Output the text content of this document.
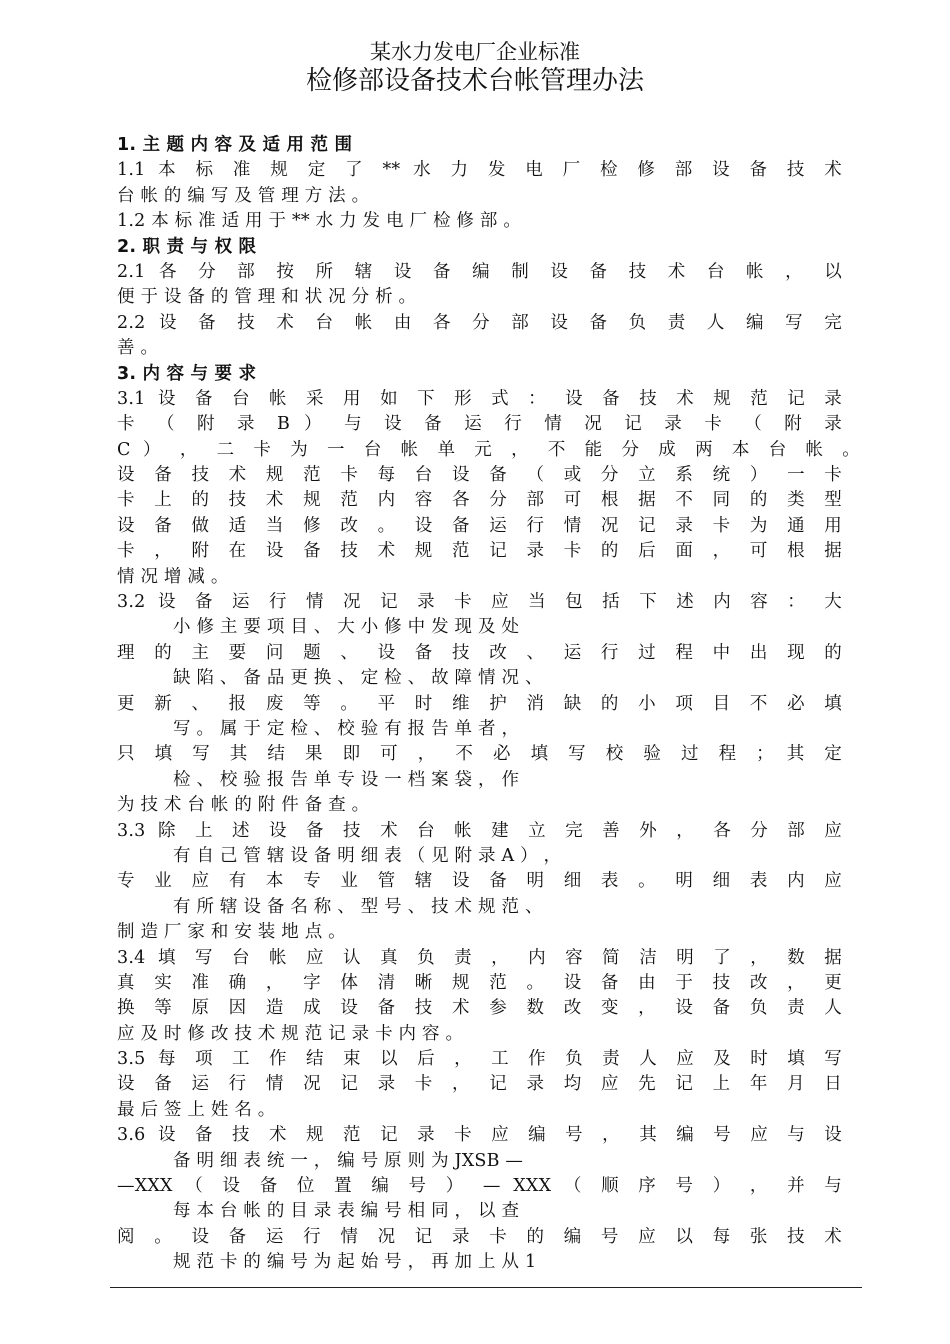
某水力发电厂企业标准
检修部设备技术台帐管理办法
1. 主 题 内 容 及 适 用 范 围
1.1 本 标 准 规 定 了 ** 水 力 发 电 厂 检 修 部 设 备 技 术
台 帐 的 编 写 及 管 理 方 法 。
1.2 本 标 准 适 用 于 ** 水 力 发 电 厂 检 修 部 。
2. 职 责 与 权 限
2.1 各 分 部 按 所 辖 设 备 编 制 设 备 技 术 台 帐 ， 以
便 于 设 备 的 管 理 和 状 况 分 析 。
2.2 设 备 技 术 台 帐 由 各 分 部 设 备 负 责 人 编 写 完
善 。
3. 内 容 与 要 求
3.1 设 备 台 帐 采 用 如 下 形 式 ： 设 备 技 术 规 范 记 录
卡 （ 附 录 B ） 与 设 备 运 行 情 况 记 录 卡 （ 附 录
C ） ， 二 卡 为 一 台 帐 单 元 ， 不 能 分 成 两 本 台 帐 。
设 备 技 术 规 范 卡 每 台 设 备 （ 或 分 立 系 统 ） 一 卡
卡 上 的 技 术 规 范 内 容 各 分 部 可 根 据 不 同 的 类 型
设 备 做 适 当 修 改 。 设 备 运 行 情 况 记 录 卡 为 通 用
卡 ， 附 在 设 备 技 术 规 范 记 录 卡 的 后 面 ， 可 根 据
情 况 增 减 。
3.2 设 备 运 行 情 况 记 录 卡 应 当 包 括 下 述 内 容 ： 大
小 修 主 要 项 目 、 大 小 修 中 发 现 及 处
理 的 主 要 问 题 、 设 备 技 改 、 运 行 过 程 中 出 现 的
缺 陷 、 备 品 更 换 、 定 检 、 故 障 情 况 、
更 新 、 报 废 等 。 平 时 维 护 消 缺 的 小 项 目 不 必 填
写 。 属 于 定 检 、 校 验 有 报 告 单 者 ，
只 填 写 其 结 果 即 可 ， 不 必 填 写 校 验 过 程 ； 其 定
检 、 校 验 报 告 单 专 设 一 档 案 袋 ， 作
为 技 术 台 帐 的 附 件 备 查 。
3.3 除 上 述 设 备 技 术 台 帐 建 立 完 善 外 ， 各 分 部 应
有 自 己 管 辖 设 备 明 细 表 （ 见 附 录 A ） ，
专 业 应 有 本 专 业 管 辖 设 备 明 细 表 。 明 细 表 内 应
有 所 辖 设 备 名 称 、 型 号 、 技 术 规 范 、
制 造 厂 家 和 安 装 地 点 。
3.4 填 写 台 帐 应 认 真 负 责 ， 内 容 简 洁 明 了 ， 数 据
真 实 准 确 ， 字 体 清 晰 规 范 。 设 备 由 于 技 改 ， 更
换 等 原 因 造 成 设 备 技 术 参 数 改 变 ， 设 备 负 责 人
应 及 时 修 改 技 术 规 范 记 录 卡 内 容 。
3.5 每 项 工 作 结 束 以 后 ， 工 作 负 责 人 应 及 时 填 写
设 备 运 行 情 况 记 录 卡 ， 记 录 均 应 先 记 上 年 月 日
最 后 签 上 姓 名 。
3.6 设 备 技 术 规 范 记 录 卡 应 编 号 ， 其 编 号 应 与 设
备 明 细 表 统 一 ， 编 号 原 则 为 JXSB —
—XXX （ 设 备 位 置 编 号 ） — XXX （ 顺 序 号 ） ， 并 与
每 本 台 帐 的 目 录 表 编 号 相 同 ， 以 查
阅 。 设 备 运 行 情 况 记 录 卡 的 编 号 应 以 每 张 技 术
规 范 卡 的 编 号 为 起 始 号 ， 再 加 上 从 1
